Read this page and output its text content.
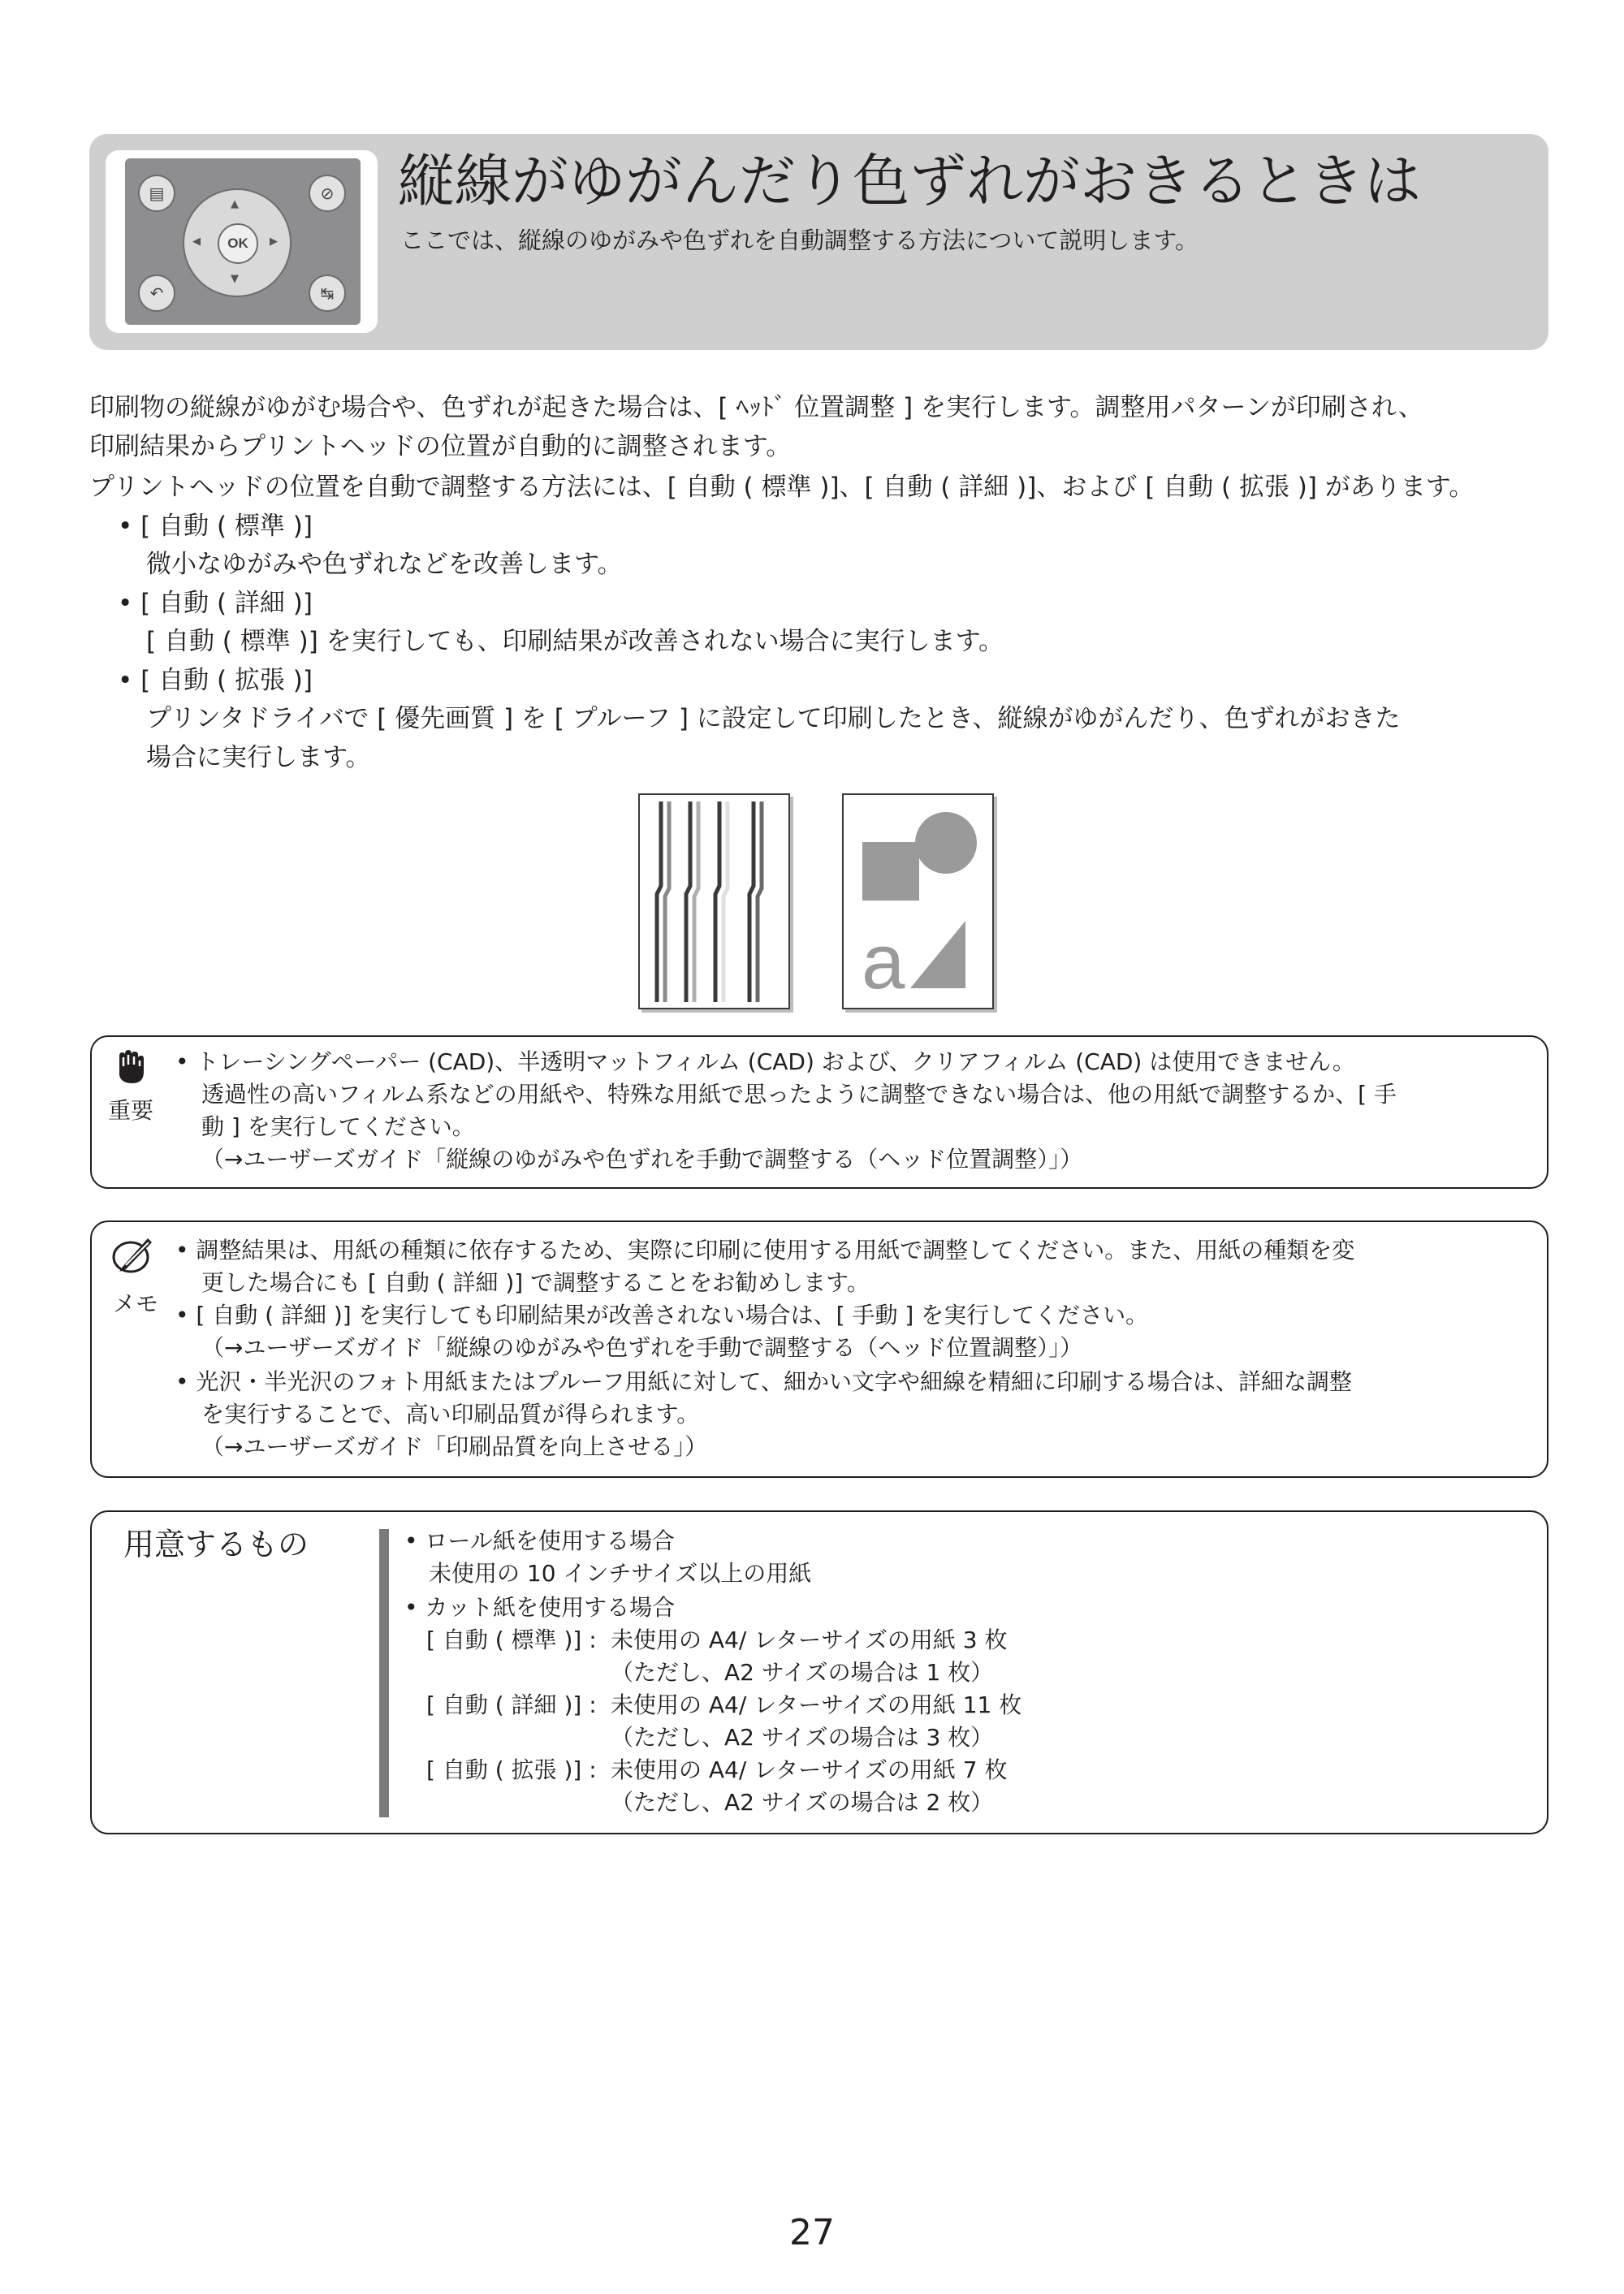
▤	⊘
↶	↹
▲
▼
◀	▶
OK
縦線がゆがんだり色ずれがおきるときは
ここでは、縦線のゆがみや色ずれを自動調整する方法について説明します。
印刷物の縦線がゆがむ場合や、色ずれが起きた場合は、[ ﾍｯﾄﾞ 位置調整 ] を実行します。調整用パターンが印刷され、
印刷結果からプリントヘッドの位置が自動的に調整されます。
プリントヘッドの位置を自動で調整する方法には、[ 自動 ( 標準 )]、[ 自動 ( 詳細 )]、および [ 自動 ( 拡張 )] があります。
• [ 自動 ( 標準 )]
微小なゆがみや色ずれなどを改善します。
• [ 自動 ( 詳細 )]
[ 自動 ( 標準 )] を実行しても、印刷結果が改善されない場合に実行します。
• [ 自動 ( 拡張 )]
プリンタドライバで [ 優先画質 ] を [ プルーフ ] に設定して印刷したとき、縦線がゆがんだり、色ずれがおきた
場合に実行します。
a
重要
• トレーシングペーパー (CAD)、半透明マットフィルム (CAD) および、クリアフィルム (CAD) は使用できません。
透過性の高いフィルム系などの用紙や、特殊な用紙で思ったように調整できない場合は、他の用紙で調整するか、[ 手
動 ] を実行してください。
（→ユーザーズガイド「縦線のゆがみや色ずれを手動で調整する（ヘッド位置調整）」）
メモ
• 調整結果は、用紙の種類に依存するため、実際に印刷に使用する用紙で調整してください。また、用紙の種類を変
更した場合にも [ 自動 ( 詳細 )] で調整することをお勧めします。
• [ 自動 ( 詳細 )] を実行しても印刷結果が改善されない場合は、[ 手動 ] を実行してください。
（→ユーザーズガイド「縦線のゆがみや色ずれを手動で調整する（ヘッド位置調整）」）
• 光沢・半光沢のフォト用紙またはプルーフ用紙に対して、細かい文字や細線を精細に印刷する場合は、詳細な調整
を実行することで、高い印刷品質が得られます。
（→ユーザーズガイド「印刷品質を向上させる」）
用意するもの	• ロール紙を使用する場合
未使用の 10 インチサイズ以上の用紙
• カット紙を使用する場合
[ 自動 ( 標準 )] : 未使用の A4/ レターサイズの用紙 3 枚
（ただし、A2 サイズの場合は 1 枚）
[ 自動 ( 詳細 )] : 未使用の A4/ レターサイズの用紙 11 枚
（ただし、A2 サイズの場合は 3 枚）
[ 自動 ( 拡張 )] : 未使用の A4/ レターサイズの用紙 7 枚
（ただし、A2 サイズの場合は 2 枚）
27
